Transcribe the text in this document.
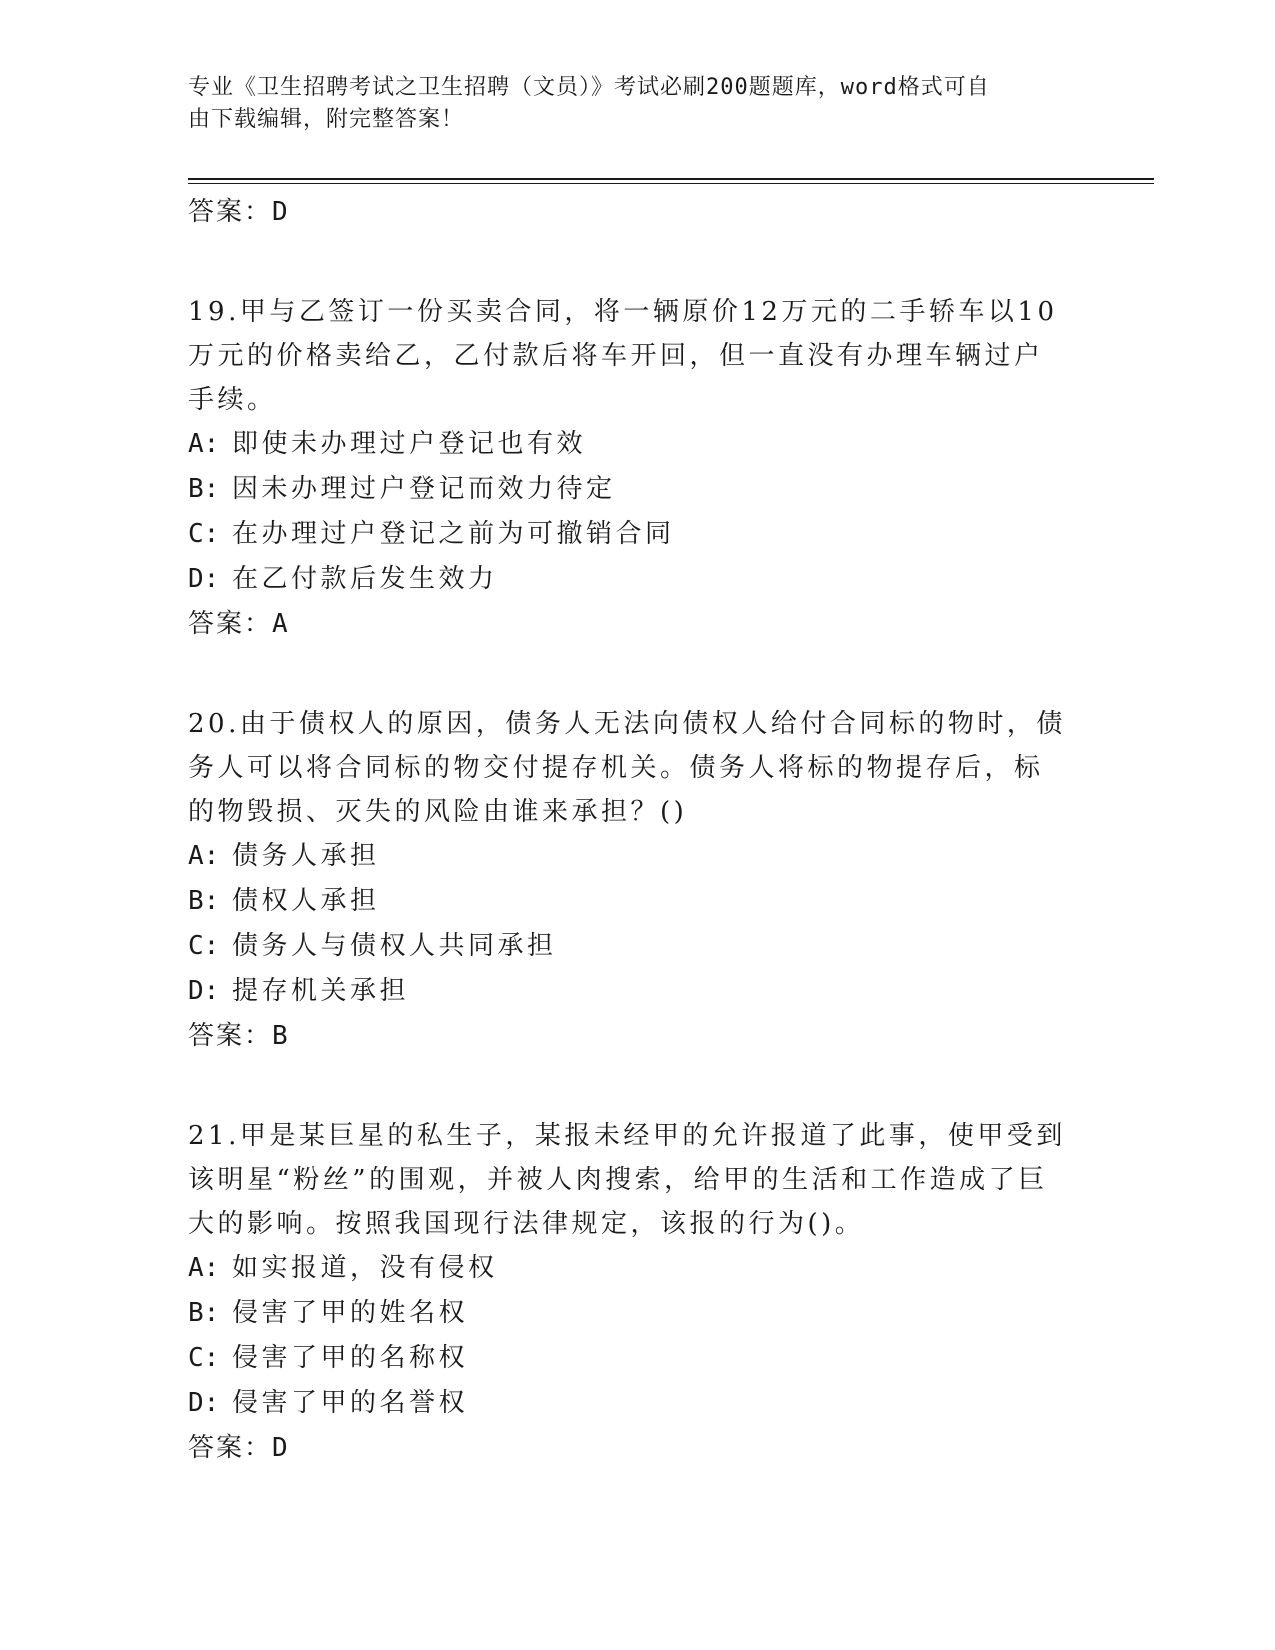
专业《卫生招聘考试之卫生招聘（文员）》考试必刷200题题库，word格式可自
由下载编辑，附完整答案！
答案：D
19.甲与乙签订一份买卖合同，将一辆原价12万元的二手轿车以10万元的价格卖给乙，乙付款后将车开回，但一直没有办理车辆过户手续。
A: 即使未办理过户登记也有效
B: 因未办理过户登记而效力待定
C: 在办理过户登记之前为可撤销合同
D: 在乙付款后发生效力
答案：A
20.由于债权人的原因，债务人无法向债权人给付合同标的物时，债务人可以将合同标的物交付提存机关。债务人将标的物提存后，标的物毁损、灭失的风险由谁来承担？()
A: 债务人承担
B: 债权人承担
C: 债务人与债权人共同承担
D: 提存机关承担
答案：B
21.甲是某巨星的私生子，某报未经甲的允许报道了此事，使甲受到该明星“粉丝”的围观，并被人肉搜索，给甲的生活和工作造成了巨大的影响。按照我国现行法律规定，该报的行为()。
A: 如实报道，没有侵权
B: 侵害了甲的姓名权
C: 侵害了甲的名称权
D: 侵害了甲的名誉权
答案：D
